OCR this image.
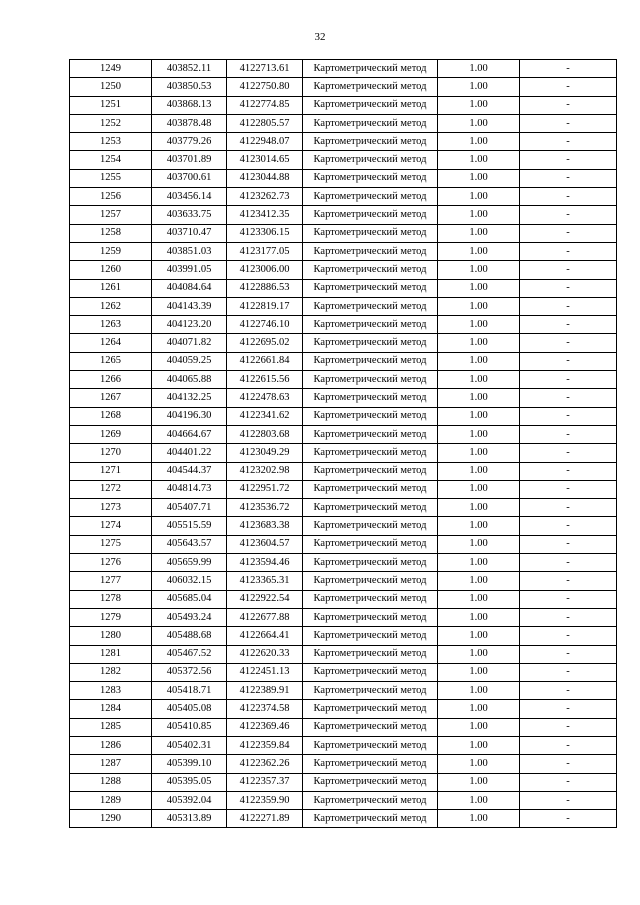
32
1249	403852.11	4122713.61	Картометрический метод	1.00	-
1250	403850.53	4122750.80	Картометрический метод	1.00	-
1251	403868.13	4122774.85	Картометрический метод	1.00	-
1252	403878.48	4122805.57	Картометрический метод	1.00	-
1253	403779.26	4122948.07	Картометрический метод	1.00	-
1254	403701.89	4123014.65	Картометрический метод	1.00	-
1255	403700.61	4123044.88	Картометрический метод	1.00	-
1256	403456.14	4123262.73	Картометрический метод	1.00	-
1257	403633.75	4123412.35	Картометрический метод	1.00	-
1258	403710.47	4123306.15	Картометрический метод	1.00	-
1259	403851.03	4123177.05	Картометрический метод	1.00	-
1260	403991.05	4123006.00	Картометрический метод	1.00	-
1261	404084.64	4122886.53	Картометрический метод	1.00	-
1262	404143.39	4122819.17	Картометрический метод	1.00	-
1263	404123.20	4122746.10	Картометрический метод	1.00	-
1264	404071.82	4122695.02	Картометрический метод	1.00	-
1265	404059.25	4122661.84	Картометрический метод	1.00	-
1266	404065.88	4122615.56	Картометрический метод	1.00	-
1267	404132.25	4122478.63	Картометрический метод	1.00	-
1268	404196.30	4122341.62	Картометрический метод	1.00	-
1269	404664.67	4122803.68	Картометрический метод	1.00	-
1270	404401.22	4123049.29	Картометрический метод	1.00	-
1271	404544.37	4123202.98	Картометрический метод	1.00	-
1272	404814.73	4122951.72	Картометрический метод	1.00	-
1273	405407.71	4123536.72	Картометрический метод	1.00	-
1274	405515.59	4123683.38	Картометрический метод	1.00	-
1275	405643.57	4123604.57	Картометрический метод	1.00	-
1276	405659.99	4123594.46	Картометрический метод	1.00	-
1277	406032.15	4123365.31	Картометрический метод	1.00	-
1278	405685.04	4122922.54	Картометрический метод	1.00	-
1279	405493.24	4122677.88	Картометрический метод	1.00	-
1280	405488.68	4122664.41	Картометрический метод	1.00	-
1281	405467.52	4122620.33	Картометрический метод	1.00	-
1282	405372.56	4122451.13	Картометрический метод	1.00	-
1283	405418.71	4122389.91	Картометрический метод	1.00	-
1284	405405.08	4122374.58	Картометрический метод	1.00	-
1285	405410.85	4122369.46	Картометрический метод	1.00	-
1286	405402.31	4122359.84	Картометрический метод	1.00	-
1287	405399.10	4122362.26	Картометрический метод	1.00	-
1288	405395.05	4122357.37	Картометрический метод	1.00	-
1289	405392.04	4122359.90	Картометрический метод	1.00	-
1290	405313.89	4122271.89	Картометрический метод	1.00	-
